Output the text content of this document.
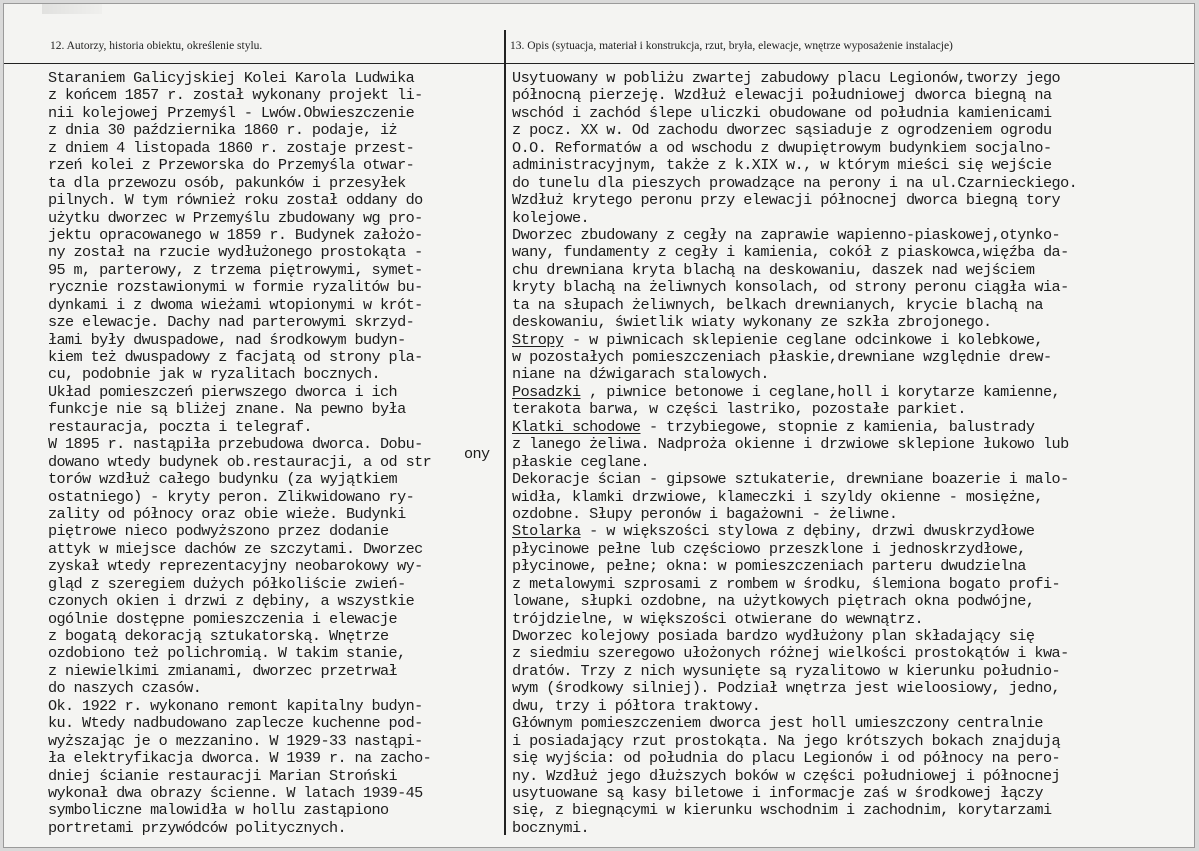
12. Autorzy, historia obiektu, określenie stylu.	13. Opis (sytuacja, materiał i konstrukcja, rzut, bryła, elewacje, wnętrze wyposażenie instalacje)
Staraniem Galicyjskiej Kolei Karola Ludwika
z końcem 1857 r. został wykonany projekt li-
nii kolejowej Przemyśl - Lwów.Obwieszczenie
z dnia 30 października 1860 r. podaje, iż
z dniem 4 listopada 1860 r. zostaje przest-
rzeń kolei z Przeworska do Przemyśla otwar-
ta dla przewozu osób, pakunków i przesyłek
pilnych. W tym również roku został oddany do
użytku dworzec w Przemyślu zbudowany wg pro-
jektu opracowanego w 1859 r. Budynek założo-
ny został na rzucie wydłużonego prostokąta -
95 m, parterowy, z trzema piętrowymi, symet-
rycznie rozstawionymi w formie ryzalitów bu-
dynkami i z dwoma wieżami wtopionymi w krót-
sze elewacje. Dachy nad parterowymi skrzyd-
łami były dwuspadowe, nad środkowym budyn-
kiem też dwuspadowy z facjatą od strony pla-
cu, podobnie jak w ryzalitach bocznych.
Układ pomieszczeń pierwszego dworca i ich
funkcje nie są bliżej znane. Na pewno była
restauracja, poczta i telegraf.
W 1895 r. nastąpiła przebudowa dworca. Dobu-
dowano wtedy budynek ob.restauracji, a od str
torów wzdłuż całego budynku (za wyjątkiem
ostatniego) - kryty peron. Zlikwidowano ry-
zality od północy oraz obie wieże. Budynki
piętrowe nieco podwyższono przez dodanie
attyk w miejsce dachów ze szczytami. Dworzec
zyskał wtedy reprezentacyjny neobarokowy wy-
gląd z szeregiem dużych półkoliście zwień-
czonych okien i drzwi z dębiny, a wszystkie
ogólnie dostępne pomieszczenia i elewacje
z bogatą dekoracją sztukatorską. Wnętrze
ozdobiono też polichromią. W takim stanie,
z niewielkimi zmianami, dworzec przetrwał
do naszych czasów.
Ok. 1922 r. wykonano remont kapitalny budyn-
ku. Wtedy nadbudowano zaplecze kuchenne pod-
wyższając je o mezzanino. W 1929-33 nastąpi-
ła elektryfikacja dworca. W 1939 r. na zacho-
dniej ścianie restauracji Marian Stroński
wykonał dwa obrazy ścienne. W latach 1939-45
symboliczne malowidła w hollu zastąpiono
portretami przywódców politycznych.
Usytuowany w pobliżu zwartej zabudowy placu Legionów,tworzy jego
północną pierzeję. Wzdłuż elewacji południowej dworca biegną na
wschód i zachód ślepe uliczki obudowane od południa kamienicami
z pocz. XX w. Od zachodu dworzec sąsiaduje z ogrodzeniem ogrodu
O.O. Reformatów a od wschodu z dwupiętrowym budynkiem socjalno-
administracyjnym, także z k.XIX w., w którym mieści się wejście
do tunelu dla pieszych prowadzące na perony i na ul.Czarnieckiego.
Wzdłuż krytego peronu przy elewacji północnej dworca biegną tory
kolejowe.
Dworzec zbudowany z cegły na zaprawie wapienno-piaskowej,otynko-
wany, fundamenty z cegły i kamienia, cokół z piaskowca,więźba da-
chu drewniana kryta blachą na deskowaniu, daszek nad wejściem
kryty blachą na żeliwnych konsolach, od strony peronu ciągła wia-
ta na słupach żeliwnych, belkach drewnianych, krycie blachą na
deskowaniu, świetlik wiaty wykonany ze szkła zbrojonego.
Stropy - w piwnicach sklepienie ceglane odcinkowe i kolebkowe,
w pozostałych pomieszczeniach płaskie,drewniane względnie drew-
niane na dźwigarach stalowych.
Posadzki , piwnice betonowe i ceglane,holl i korytarze kamienne,
terakota barwa, w części lastriko, pozostałe parkiet.
Klatki schodowe - trzybiegowe, stopnie z kamienia, balustrady
z lanego żeliwa. Nadproża okienne i drzwiowe sklepione łukowo lub
płaskie ceglane.
Dekoracje ścian - gipsowe sztukaterie, drewniane boazerie i malo-
widła, klamki drzwiowe, klameczki i szyldy okienne - mosiężne,
ozdobne. Słupy peronów i bagażowni - żeliwne.
Stolarka - w większości stylowa z dębiny, drzwi dwuskrzydłowe
płycinowe pełne lub częściowo przeszklone i jednoskrzydłowe,
płycinowe, pełne; okna: w pomieszczeniach parteru dwudzielna
z metalowymi szprosami z rombem w środku, ślemiona bogato profi-
lowane, słupki ozdobne, na użytkowych piętrach okna podwójne,
trójdzielne, w większości otwierane do wewnątrz.
Dworzec kolejowy posiada bardzo wydłużony plan składający się
z siedmiu szeregowo ułożonych różnej wielkości prostokątów i kwa-
dratów. Trzy z nich wysunięte są ryzalitowo w kierunku południo-
wym (środkowy silniej). Podział wnętrza jest wieloosiowy, jedno,
dwu, trzy i półtora traktowy.
Głównym pomieszczeniem dworca jest holl umieszczony centralnie
i posiadający rzut prostokąta. Na jego krótszych bokach znajdują
się wyjścia: od południa do placu Legionów i od północy na pero-
ny. Wzdłuż jego dłuższych boków w części południowej i północnej
usytuowane są kasy biletowe i informacje zaś w środkowej łączy
się, z biegnącymi w kierunku wschodnim i zachodnim, korytarzami
bocznymi.
ony
